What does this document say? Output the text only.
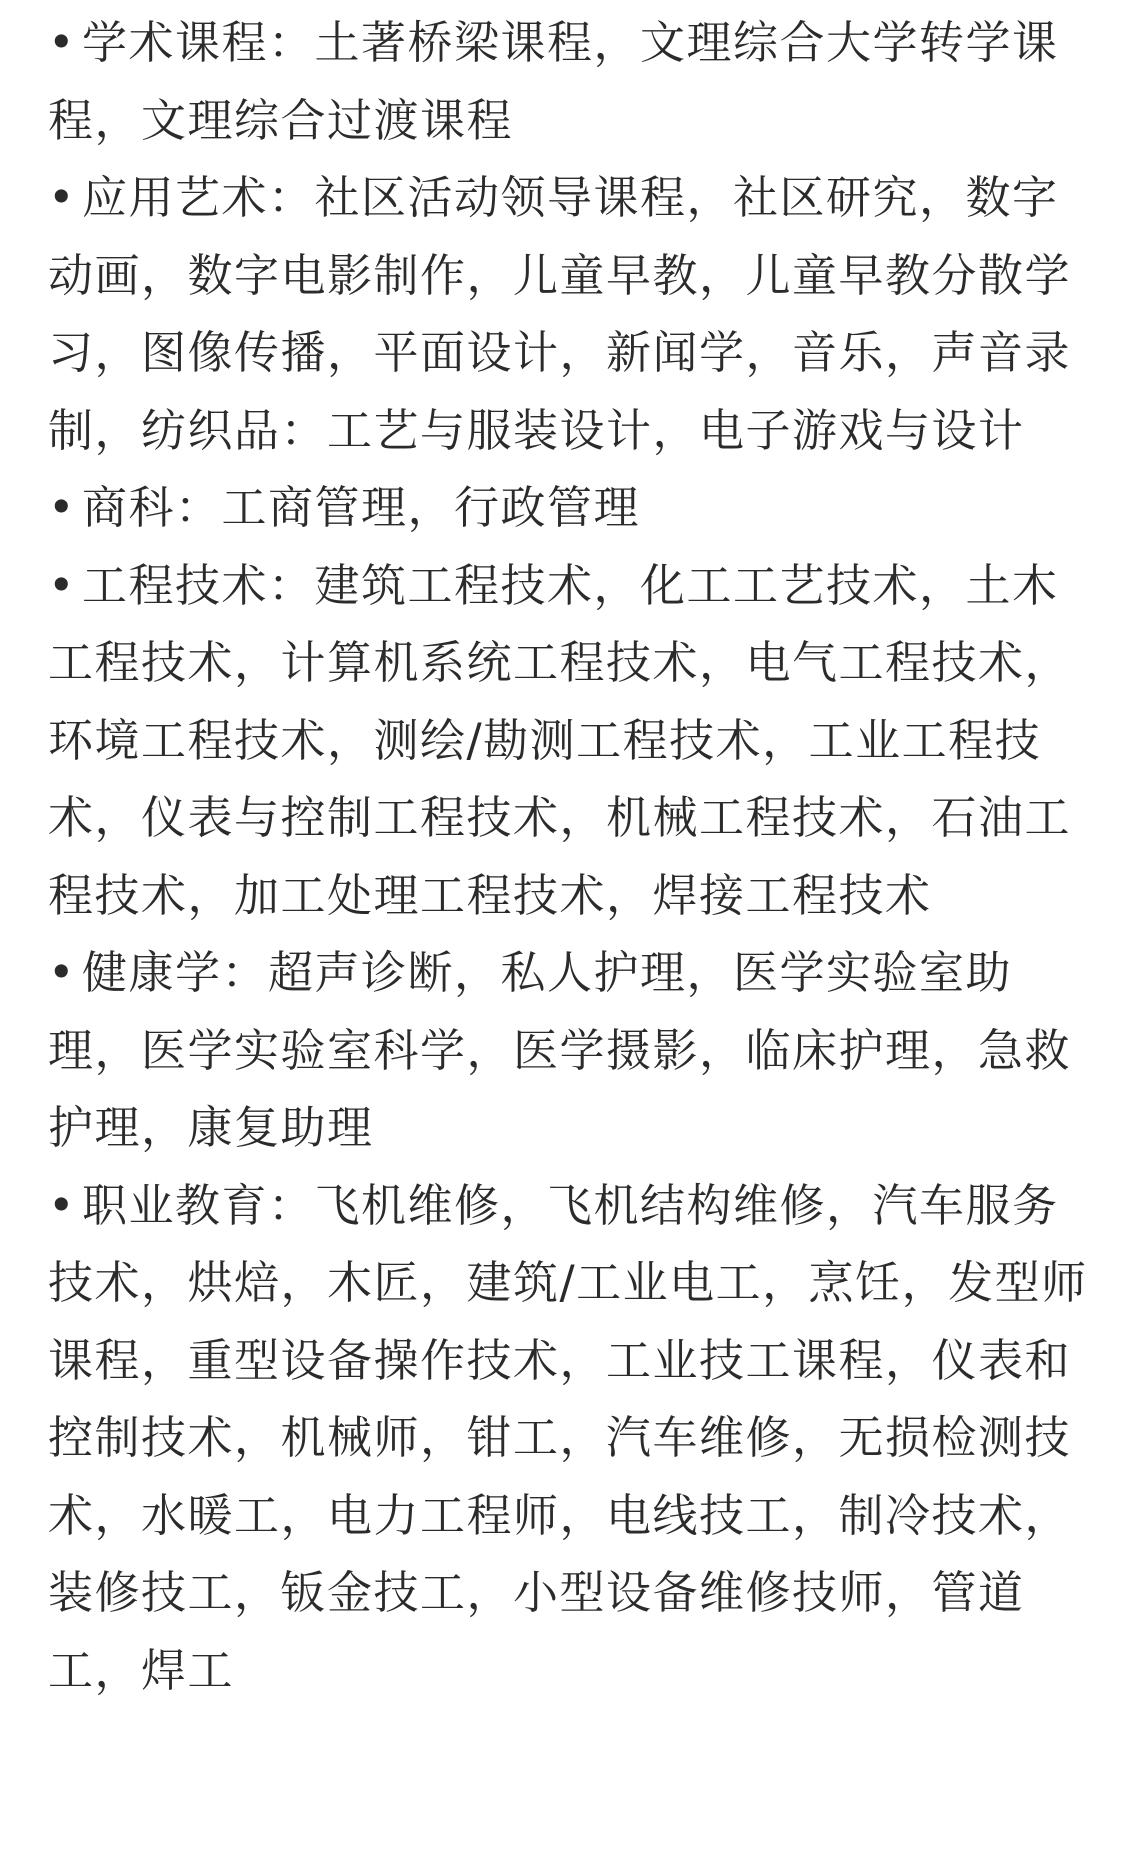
• 学术课程：土著桥梁课程，文理综合大学转学课程，文理综合过渡课程

• 应用艺术：社区活动领导课程，社区研究，数字动画，数字电影制作，儿童早教，儿童早教分散学习，图像传播，平面设计，新闻学，音乐，声音录制，纺织品：工艺与服装设计，电子游戏与设计

• 商科：工商管理，行政管理

• 工程技术：建筑工程技术，化工工艺技术，土木工程技术，计算机系统工程技术，电气工程技术，环境工程技术，测绘/勘测工程技术，工业工程技术，仪表与控制工程技术，机械工程技术，石油工程技术，加工处理工程技术，焊接工程技术

• 健康学：超声诊断，私人护理，医学实验室助理，医学实验室科学，医学摄影，临床护理，急救护理，康复助理

• 职业教育：飞机维修，飞机结构维修，汽车服务技术，烘焙，木匠，建筑/工业电工，烹饪，发型师课程，重型设备操作技术，工业技工课程，仪表和控制技术，机械师，钳工，汽车维修，无损检测技术，水暖工，电力工程师，电线技工，制冷技术，装修技工，钣金技工，小型设备维修技师，管道工，焊工
